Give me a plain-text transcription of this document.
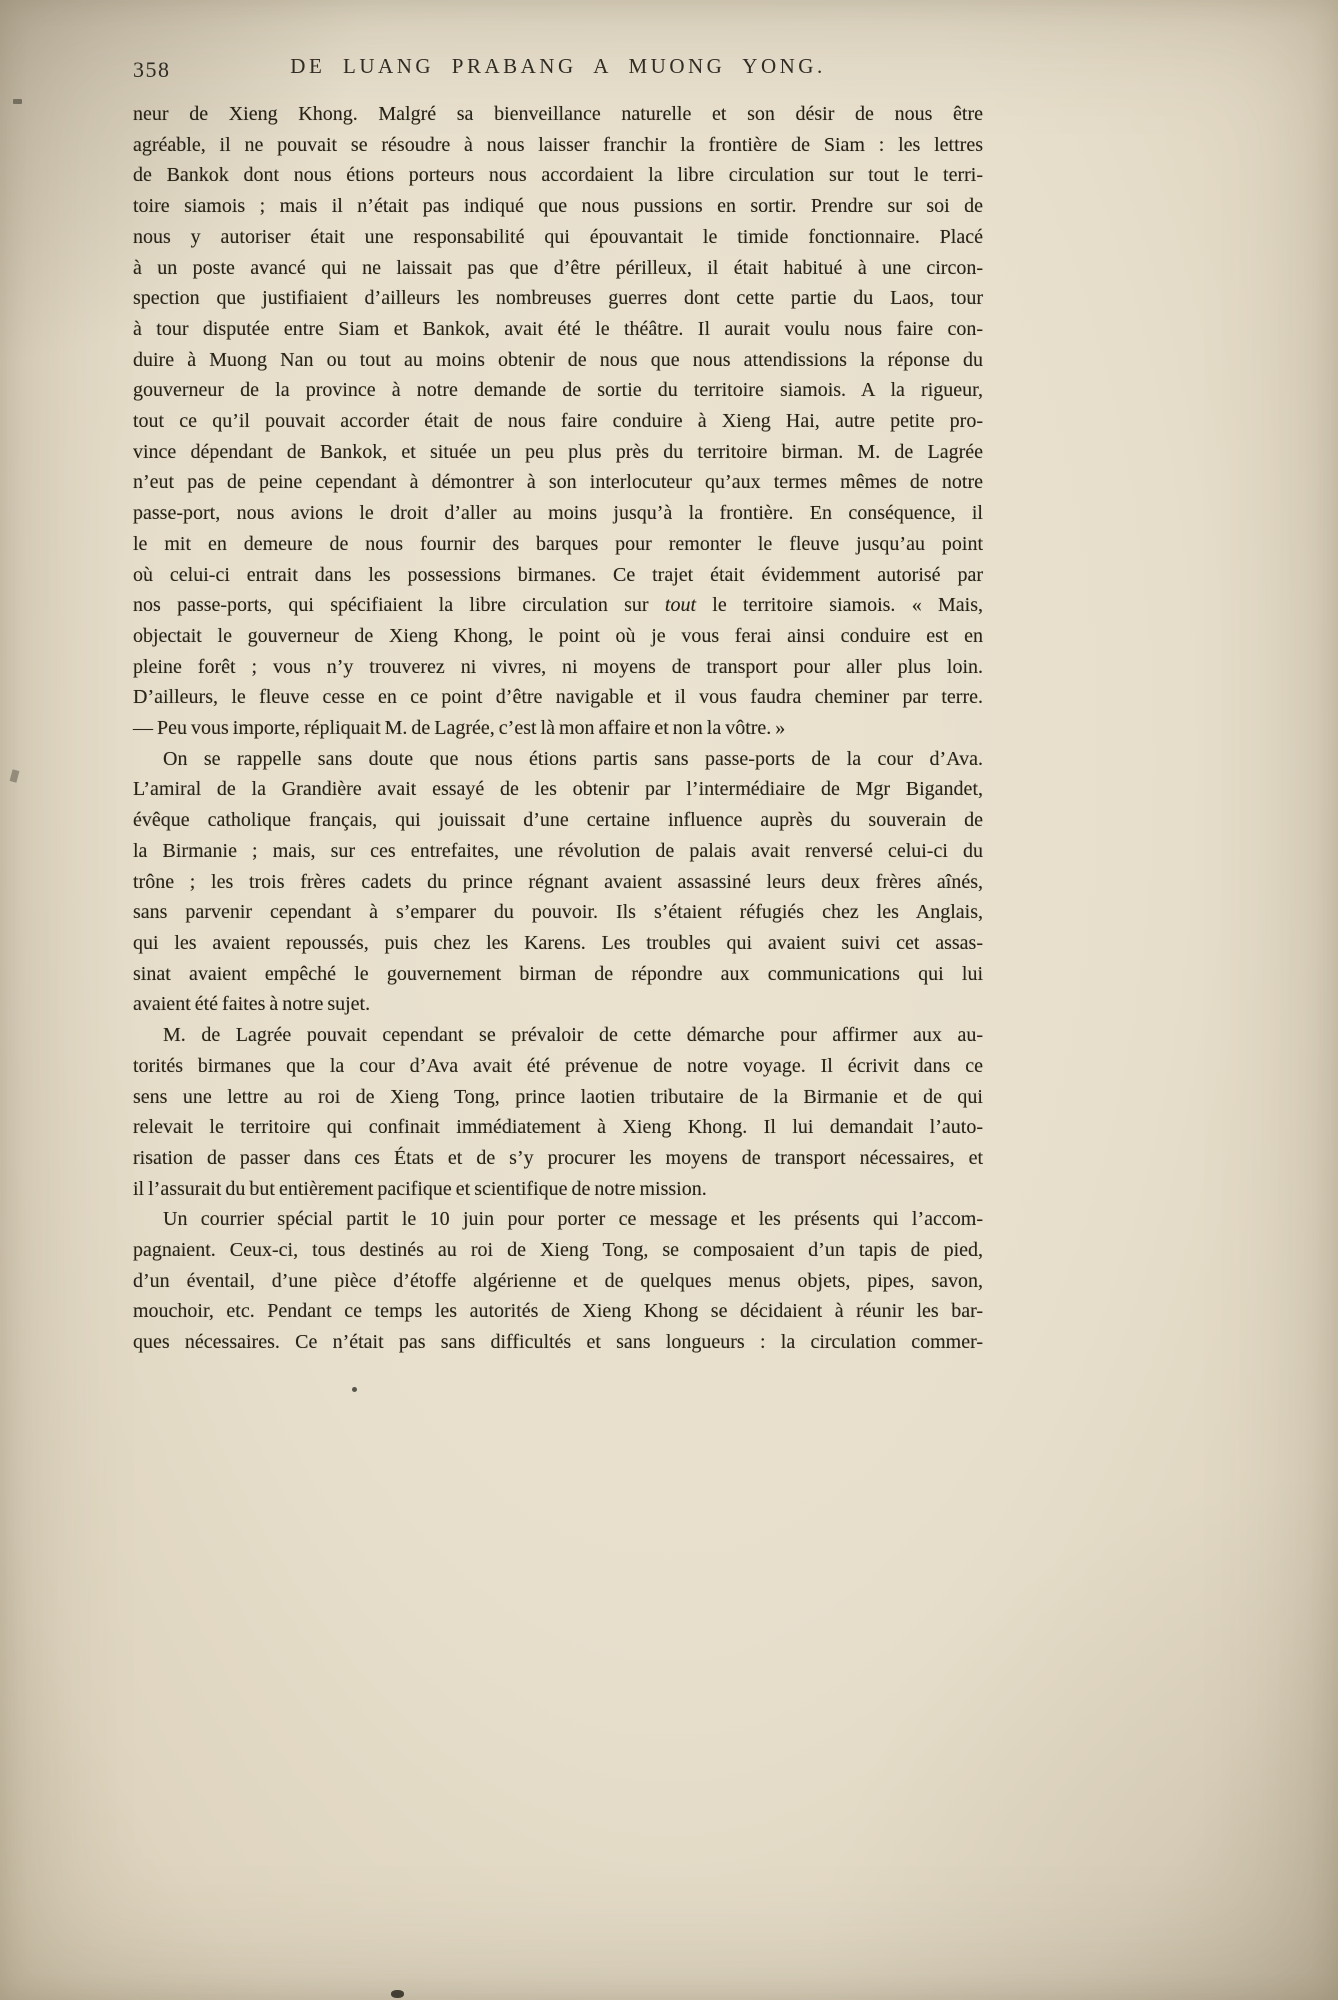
358	DE LUANG PRABANG A MUONG YONG.
neur de Xieng Khong. Malgré sa bienveillance naturelle et son désir de nous être
agréable, il ne pouvait se résoudre à nous laisser franchir la frontière de Siam : les lettres
de Bankok dont nous étions porteurs nous accordaient la libre circulation sur tout le terri-
toire siamois ; mais il n’était pas indiqué que nous pussions en sortir. Prendre sur soi de
nous y autoriser était une responsabilité qui épouvantait le timide fonctionnaire. Placé
à un poste avancé qui ne laissait pas que d’être périlleux, il était habitué à une circon-
spection que justifiaient d’ailleurs les nombreuses guerres dont cette partie du Laos, tour
à tour disputée entre Siam et Bankok, avait été le théâtre. Il aurait voulu nous faire con-
duire à Muong Nan ou tout au moins obtenir de nous que nous attendissions la réponse du
gouverneur de la province à notre demande de sortie du territoire siamois. A la rigueur,
tout ce qu’il pouvait accorder était de nous faire conduire à Xieng Hai, autre petite pro-
vince dépendant de Bankok, et située un peu plus près du territoire birman. M. de Lagrée
n’eut pas de peine cependant à démontrer à son interlocuteur qu’aux termes mêmes de notre
passe-port, nous avions le droit d’aller au moins jusqu’à la frontière. En conséquence, il
le mit en demeure de nous fournir des barques pour remonter le fleuve jusqu’au point
où celui-ci entrait dans les possessions birmanes. Ce trajet était évidemment autorisé par
nos passe-ports, qui spécifiaient la libre circulation sur tout le territoire siamois. « Mais,
objectait le gouverneur de Xieng Khong, le point où je vous ferai ainsi conduire est en
pleine forêt ; vous n’y trouverez ni vivres, ni moyens de transport pour aller plus loin.
D’ailleurs, le fleuve cesse en ce point d’être navigable et il vous faudra cheminer par terre.
— Peu vous importe, répliquait M. de Lagrée, c’est là mon affaire et non la vôtre. »
On se rappelle sans doute que nous étions partis sans passe-ports de la cour d’Ava.
L’amiral de la Grandière avait essayé de les obtenir par l’intermédiaire de Mgr Bigandet,
évêque catholique français, qui jouissait d’une certaine influence auprès du souverain de
la Birmanie ; mais, sur ces entrefaites, une révolution de palais avait renversé celui-ci du
trône ; les trois frères cadets du prince régnant avaient assassiné leurs deux frères aînés,
sans parvenir cependant à s’emparer du pouvoir. Ils s’étaient réfugiés chez les Anglais,
qui les avaient repoussés, puis chez les Karens. Les troubles qui avaient suivi cet assas-
sinat avaient empêché le gouvernement birman de répondre aux communications qui lui
avaient été faites à notre sujet.
M. de Lagrée pouvait cependant se prévaloir de cette démarche pour affirmer aux au-
torités birmanes que la cour d’Ava avait été prévenue de notre voyage. Il écrivit dans ce
sens une lettre au roi de Xieng Tong, prince laotien tributaire de la Birmanie et de qui
relevait le territoire qui confinait immédiatement à Xieng Khong. Il lui demandait l’auto-
risation de passer dans ces États et de s’y procurer les moyens de transport nécessaires, et
il l’assurait du but entièrement pacifique et scientifique de notre mission.
Un courrier spécial partit le 10 juin pour porter ce message et les présents qui l’accom-
pagnaient. Ceux-ci, tous destinés au roi de Xieng Tong, se composaient d’un tapis de pied,
d’un éventail, d’une pièce d’étoffe algérienne et de quelques menus objets, pipes, savon,
mouchoir, etc. Pendant ce temps les autorités de Xieng Khong se décidaient à réunir les bar-
ques nécessaires. Ce n’était pas sans difficultés et sans longueurs : la circulation commer-
